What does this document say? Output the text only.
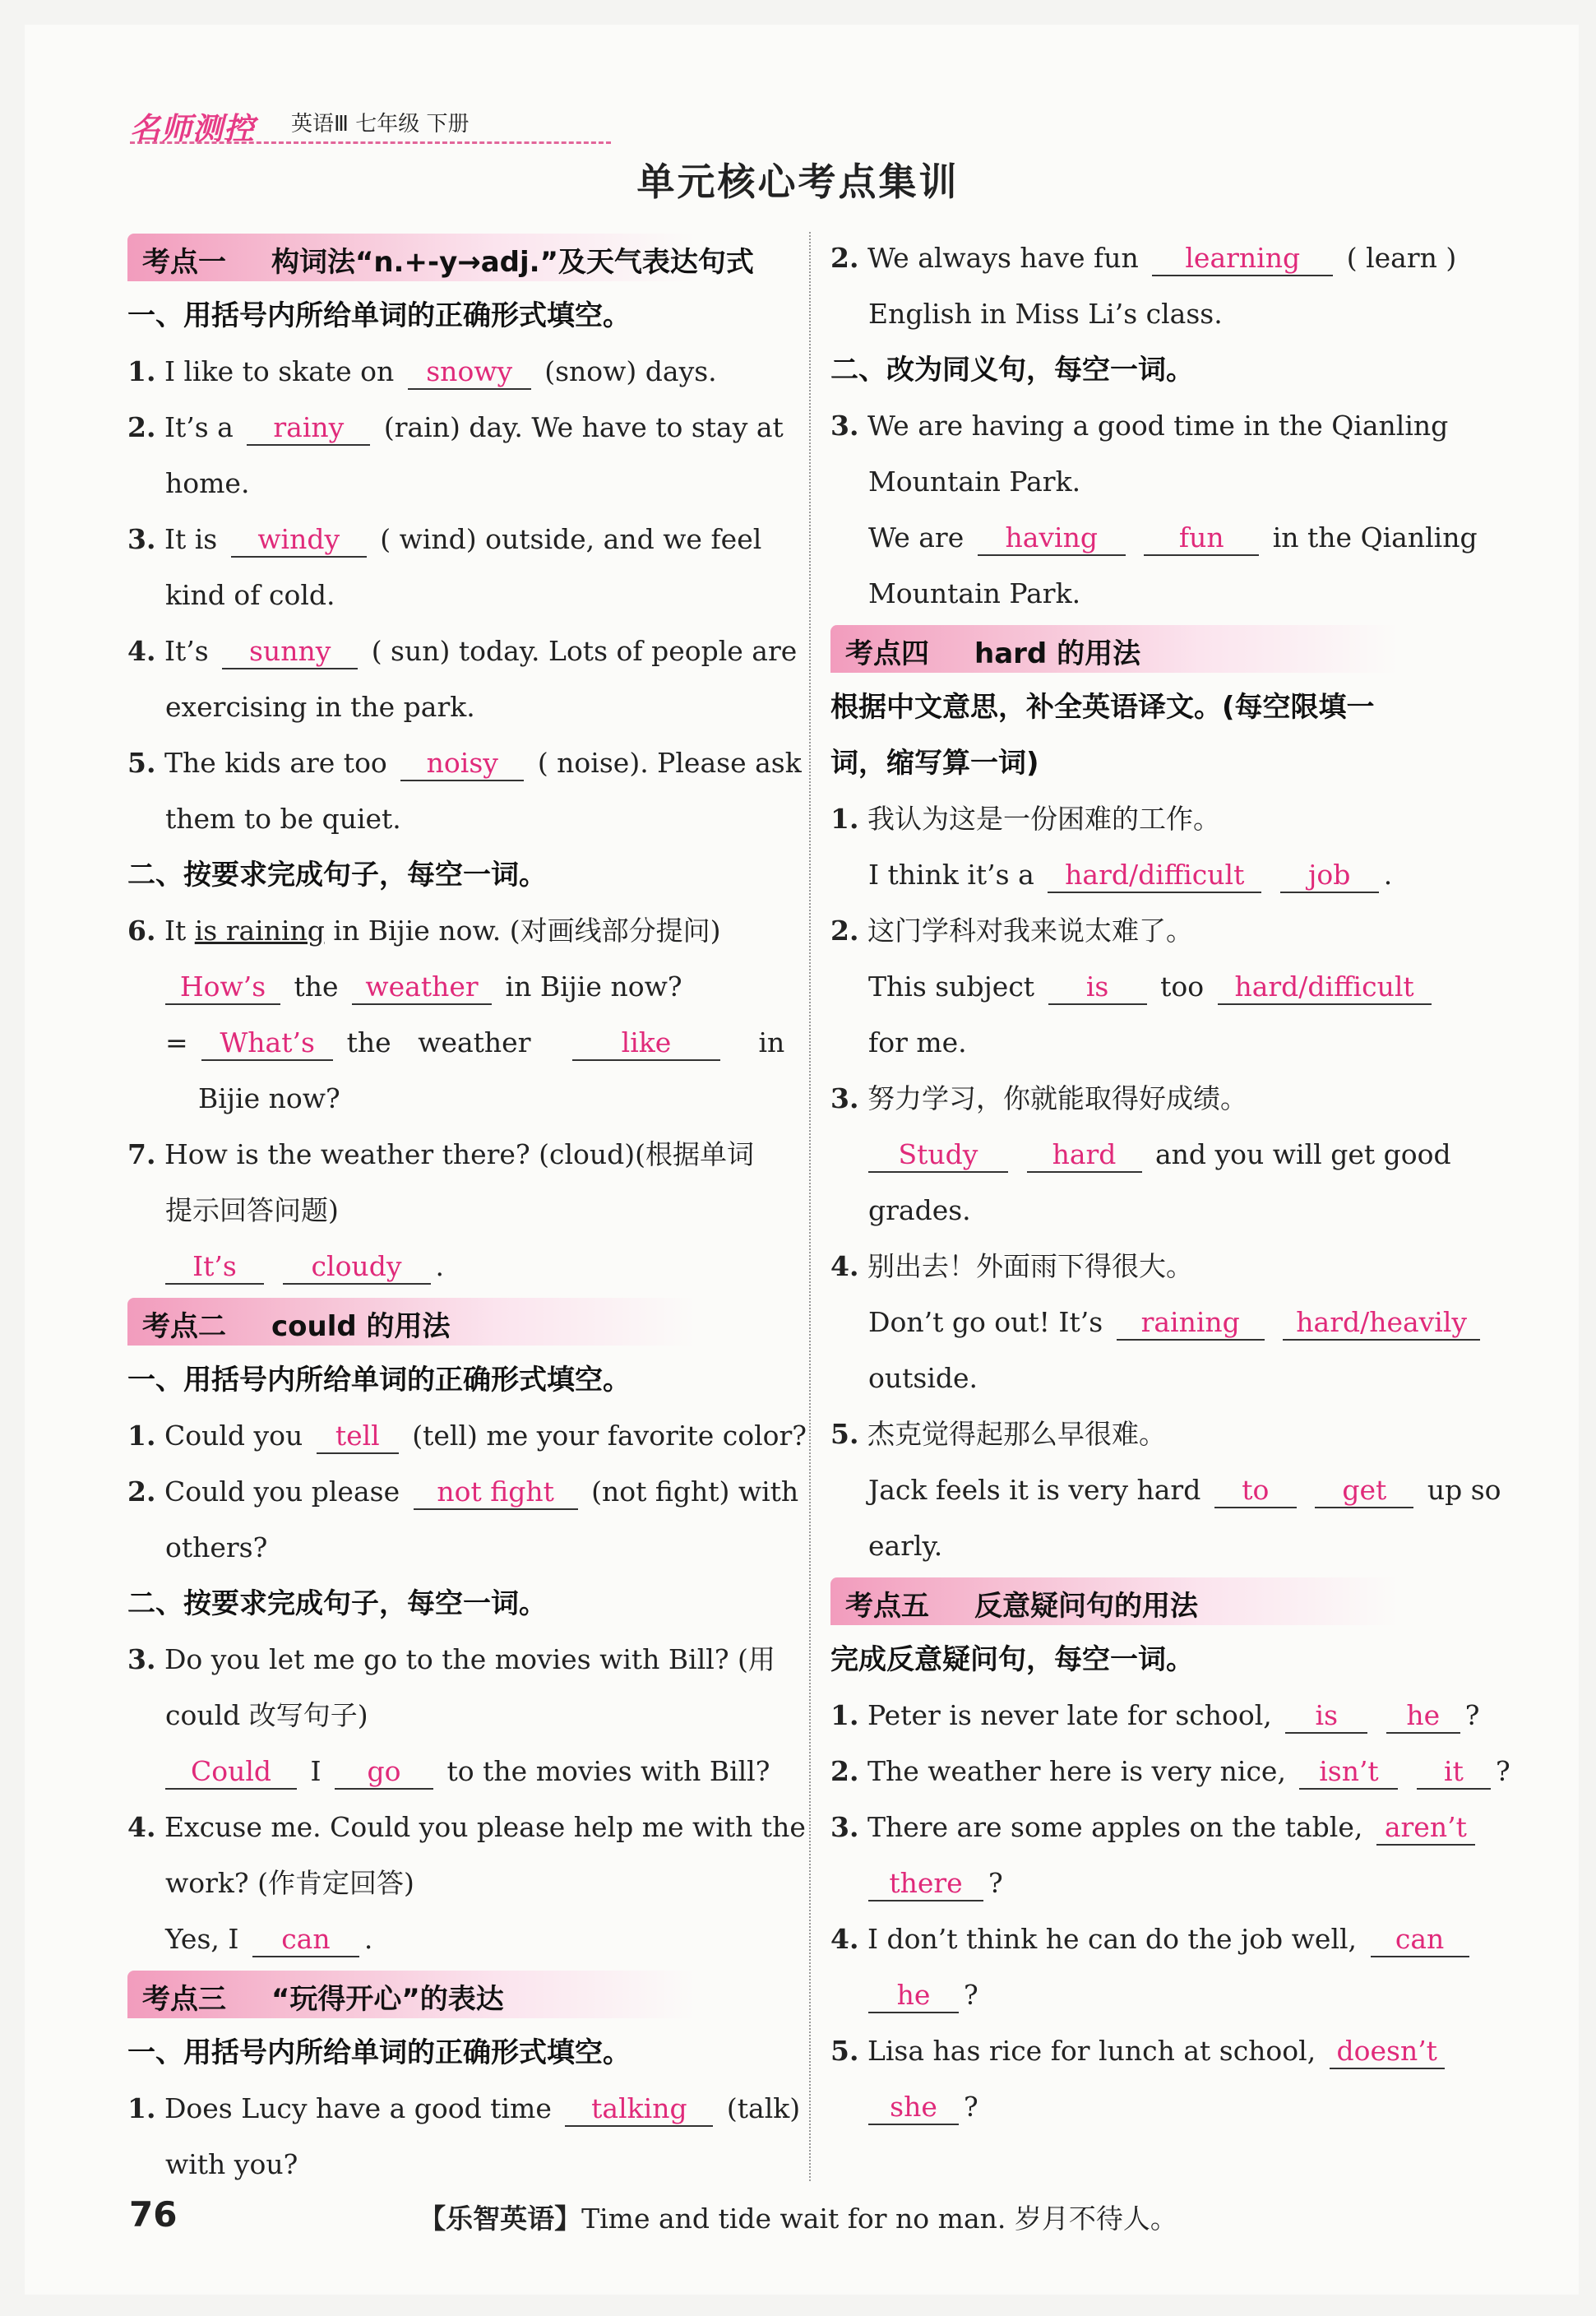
名师测控 英语Ⅲ 七年级 下册
单元核心考点集训
考点一 构词法“n.+-y→adj.”及天气表达句式
一、用括号内所给单词的正确形式填空。
1. I like to skate on snowy (snow) days.
2. It’s a rainy (rain) day. We have to stay at
home.
3. It is windy ( wind) outside, and we feel
kind of cold.
4. It’s sunny ( sun) today. Lots of people are
exercising in the park.
5. The kids are too noisy ( noise). Please ask
them to be quiet.
二、按要求完成句子，每空一词。
6. It is raining in Bijie now. (对画线部分提问)
How’s the weather in Bijie now?
= What’s the weather	like	in
Bijie now?
7. How is the weather there? (cloud)(根据单词
提示回答问题)
It’s	cloudy .
考点二 could 的用法
一、用括号内所给单词的正确形式填空。
1. Could you tell (tell) me your favorite color?
2. Could you please not fight (not fight) with
others?
二、按要求完成句子，每空一词。
3. Do you let me go to the movies with Bill? (用
could 改写句子)
Could I go to the movies with Bill?
4. Excuse me. Could you please help me with the
work? (作肯定回答)
Yes, I can .
考点三 “玩得开心”的表达
一、用括号内所给单词的正确形式填空。
1. Does Lucy have a good time talking (talk)
with you?
2. We always have fun learning ( learn )
English in Miss Li’s class.
二、改为同义句，每空一词。
3. We are having a good time in the Qianling
Mountain Park.
We are having	fun in the Qianling
Mountain Park.
考点四 hard 的用法
根据中文意思，补全英语译文。(每空限填一
词，缩写算一词)
1. 我认为这是一份困难的工作。
I think it’s a hard/difficult job .
2. 这门学科对我来说太难了。
This subject is too hard/difficult
for me.
3. 努力学习，你就能取得好成绩。
Study	hard and you will get good
grades.
4. 别出去！外面雨下得很大。
Don’t go out! It’s raining hard/heavily
outside.
5. 杰克觉得起那么早很难。
Jack feels it is very hard to	get up so
early.
考点五 反意疑问句的用法
完成反意疑问句，每空一词。
1. Peter is never late for school, is	he ?
2. The weather here is very nice, isn’t it ?
3. There are some apples on the table, aren’t
there ?
4. I don’t think he can do the job well, can
he ?
5. Lisa has rice for lunch at school, doesn’t
she ?
76	【乐智英语】Time and tide wait for no man. 岁月不待人。
